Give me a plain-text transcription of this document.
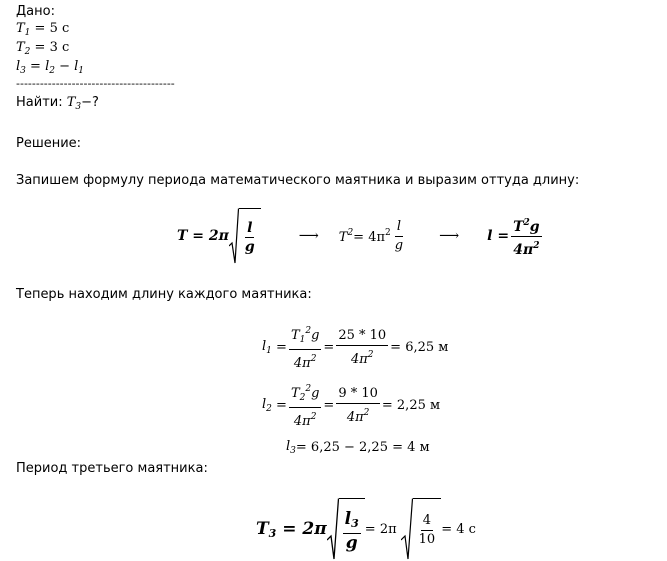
Дано:
$T_1 = 5$ с
$T_2 = 3$ с
$l_3 = l_2 - l_1$
----------------------------------------
Найти: $T_3-$?
Решение:
Запишем формулу периода математического маятника и выразим оттуда длину:
$T = 2\pi \frac{l}{g}$	⟶ $T^2 = 4\pi^2 \frac{l}{g}$ ⟶ $l = \frac{T^2g}{4\pi^2}$
Теперь находим длину каждого маятника:
$l_1 = \frac{T_1^2g}{4\pi^2} = \frac{25 * 10}{4\pi^2} = 6,25$ м
$l_2 = \frac{T_2^2g}{4\pi^2} = \frac{9 * 10}{4\pi^2} = 2,25$ м
$l_3 = 6,25 - 2,25 = 4$ м
Период третьего маятника:
$T_3 = 2\pi \frac{l_3}{g} = 2\pi \frac{4}{10} = 4$ с
